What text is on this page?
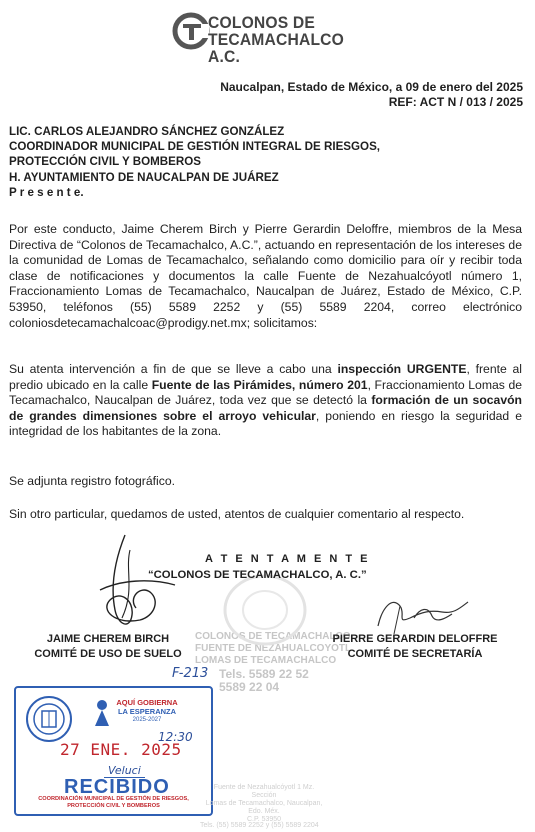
COLONOS DE
TECAMACHALCO A.C.
Naucalpan, Estado de México, a 09 de enero del 2025
REF: ACT N / 013 / 2025
LIC. CARLOS ALEJANDRO SÁNCHEZ GONZÁLEZ
COORDINADOR MUNICIPAL DE GESTIÓN INTEGRAL DE RIESGOS,
PROTECCIÓN CIVIL Y BOMBEROS
H. AYUNTAMIENTO DE NAUCALPAN DE JUÁREZ
P r e s e n t e.
Por este conducto, Jaime Cherem Birch y Pierre Gerardin Deloffre, miembros de la Mesa Directiva de “Colonos de Tecamachalco, A.C.”, actuando en representación de los intereses de la comunidad de Lomas de Tecamachalco, señalando como domicilio para oír y recibir toda clase de notificaciones y documentos la calle Fuente de Nezahualcóyotl número 1, Fraccionamiento Lomas de Tecamachalco, Naucalpan de Juárez, Estado de México, C.P. 53950, teléfonos (55) 5589 2252 y (55) 5589 2204, correo electrónico coloniosdetecamachalcoac@prodigy.net.mx; solicitamos:
Su atenta intervención a fin de que se lleve a cabo una inspección URGENTE, frente al predio ubicado en la calle Fuente de las Pirámides, número 201, Fraccionamiento Lomas de Tecamachalco, Naucalpan de Juárez, toda vez que se detectó la formación de un socavón de grandes dimensiones sobre el arroyo vehicular, poniendo en riesgo la seguridad e integridad de los habitantes de la zona.
Se adjunta registro fotográfico.
Sin otro particular, quedamos de usted, atentos de cualquier comentario al respecto.
COLONOS DE TECAMACHALCO
FUENTE DE NEZAHUALCOYOTL
LOMAS DE TECAMACHALCO
Tels. 5589 22 52
5589 22 04
A T E N T A M E N T E
“COLONOS DE TECAMACHALCO, A. C.”
JAIME CHEREM BIRCH
COMITÉ DE USO DE SUELO
PIERRE GERARDIN DELOFFRE
COMITÉ DE SECRETARÍA
F-213
AQUÍ GOBIERNA
LA ESPERANZA
2025-2027
12:30
27 ENE. 2025
Veluci
RECIBIDO
COORDINACIÓN MUNICIPAL DE GESTIÓN DE RIESGOS,
PROTECCIÓN CIVIL Y BOMBEROS
Fuente de Nezahualcóyotl 1 Mz. Sección
Lomas de Tecamachalco, Naucalpan, Edo. Méx.
C.P. 53950
Tels. (55) 5589 2252 y (55) 5589 2204
